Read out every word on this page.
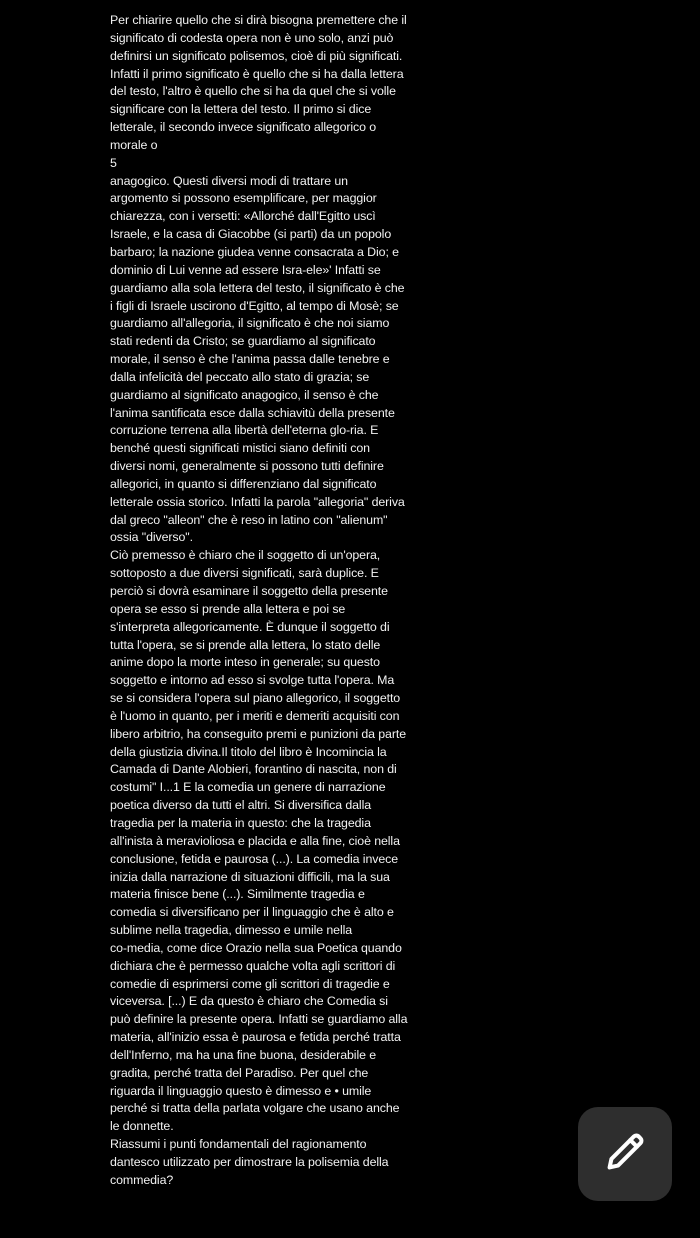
Per chiarire quello che si dirà bisogna premettere che il
significato di codesta opera non è uno solo, anzi può
definirsi un significato polisemos, cioè di più significati.
Infatti il primo significato è quello che si ha dalla lettera
del testo, l'altro è quello che si ha da quel che si volle
significare con la lettera del testo. Il primo si dice
letterale, il secondo invece significato allegorico o
morale o
5
anagogico. Questi diversi modi di trattare un
argomento si possono esemplificare, per maggior
chiarezza, con i versetti: «Allorché dall'Egitto uscì
Israele, e la casa di Giacobbe (si parti) da un popolo
barbaro; la nazione giudea venne consacrata a Dio; e
dominio di Lui venne ad essere Isra-ele»' Infatti se
guardiamo alla sola lettera del testo, il significato è che
i figli di Israele uscirono d'Egitto, al tempo di Mosè; se
guardiamo all'allegoria, il significato è che noi siamo
stati redenti da Cristo; se guardiamo al significato
morale, il senso è che l'anima passa dalle tenebre e
dalla infelicità del peccato allo stato di grazia; se
guardiamo al significato anagogico, il senso è che
l'anima santificata esce dalla schiavitù della presente
corruzione terrena alla libertà dell'eterna glo-ria. E
benché questi significati mistici siano definiti con
diversi nomi, generalmente si possono tutti definire
allegorici, in quanto si differenziano dal significato
letterale ossia storico. Infatti la parola "allegoria" deriva
dal greco "alleon" che è reso in latino con "alienum"
ossia "diverso".
Ciò premesso è chiaro che il soggetto di un'opera,
sottoposto a due diversi significati, sarà duplice. E
perciò si dovrà esaminare il soggetto della presente
opera se esso si prende alla lettera e poi se
s'interpreta allegoricamente. È dunque il soggetto di
tutta l'opera, se si prende alla lettera, lo stato delle
anime dopo la morte inteso in generale; su questo
soggetto e intorno ad esso si svolge tutta l'opera. Ma
se si considera l'opera sul piano allegorico, il soggetto
è l'uomo in quanto, per i meriti e demeriti acquisiti con
libero arbitrio, ha conseguito premi e punizioni da parte
della giustizia divina.Il titolo del libro è Incomincia la
Camada di Dante Alobieri, forantino di nascita, non di
costumi" I...1 E la comedia un genere di narrazione
poetica diverso da tutti el altri. Si diversifica dalla
tragedia per la materia in questo: che la tragedia
all'inista à meravioliosa e placida e alla fine, cioè nella
conclusione, fetida e paurosa (...). La comedia invece
inizia dalla narrazione di situazioni difficili, ma la sua
materia finisce bene (...). Similmente tragedia e
comedia si diversificano per il linguaggio che è alto e
sublime nella tragedia, dimesso e umile nella
co-media, come dice Orazio nella sua Poetica quando
dichiara che è permesso qualche volta agli scrittori di
comedie di esprimersi come gli scrittori di tragedie e
viceversa. [...) E da questo è chiaro che Comedia si
può definire la presente opera. Infatti se guardiamo alla
materia, all'inizio essa è paurosa e fetida perché tratta
dell'Inferno, ma ha una fine buona, desiderabile e
gradita, perché tratta del Paradiso. Per quel che
riguarda il linguaggio questo è dimesso e • umile
perché si tratta della parlata volgare che usano anche
le donnette.
Riassumi i punti fondamentali del ragionamento
dantesco utilizzato per dimostrare la polisemia della
commedia?
